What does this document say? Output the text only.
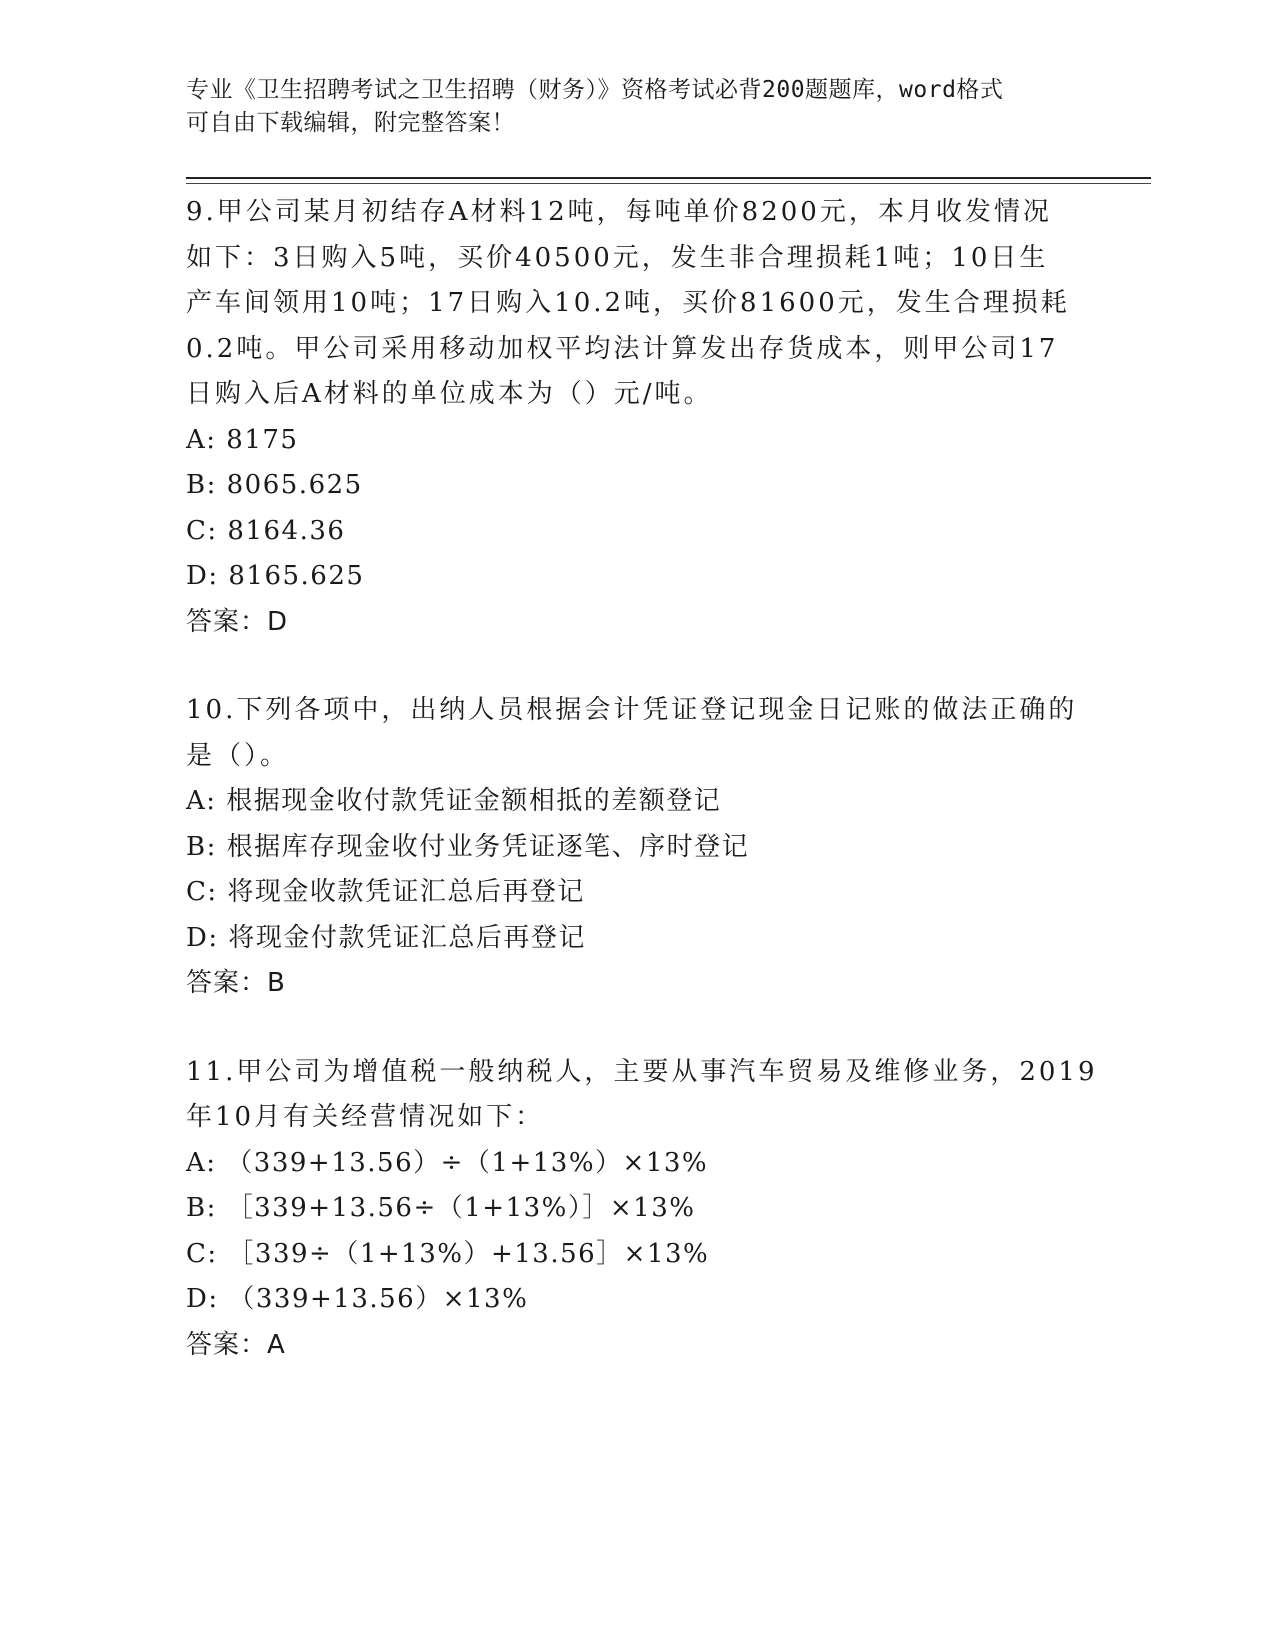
专业《卫生招聘考试之卫生招聘（财务）》资格考试必背200题题库，word格式
可自由下载编辑，附完整答案！
9.甲公司某月初结存A材料12吨，每吨单价8200元，本月收发情况
如下：3日购入5吨，买价40500元，发生非合理损耗1吨；10日生
产车间领用10吨；17日购入10.2吨，买价81600元，发生合理损耗
0.2吨。甲公司采用移动加权平均法计算发出存货成本，则甲公司17
日购入后A材料的单位成本为（）元/吨。
A: 8175
B: 8065.625
C: 8164.36
D: 8165.625
答案：D
10.下列各项中，出纳人员根据会计凭证登记现金日记账的做法正确的
是（）。
A: 根据现金收付款凭证金额相抵的差额登记
B: 根据库存现金收付业务凭证逐笔、序时登记
C: 将现金收款凭证汇总后再登记
D: 将现金付款凭证汇总后再登记
答案：B
11.甲公司为增值税一般纳税人，主要从事汽车贸易及维修业务，2019
年10月有关经营情况如下：
A: （339+13.56）÷（1+13%）×13%
B: ［339+13.56÷（1+13%）］×13%
C: ［339÷（1+13%）+13.56］×13%
D: （339+13.56）×13%
答案：A
